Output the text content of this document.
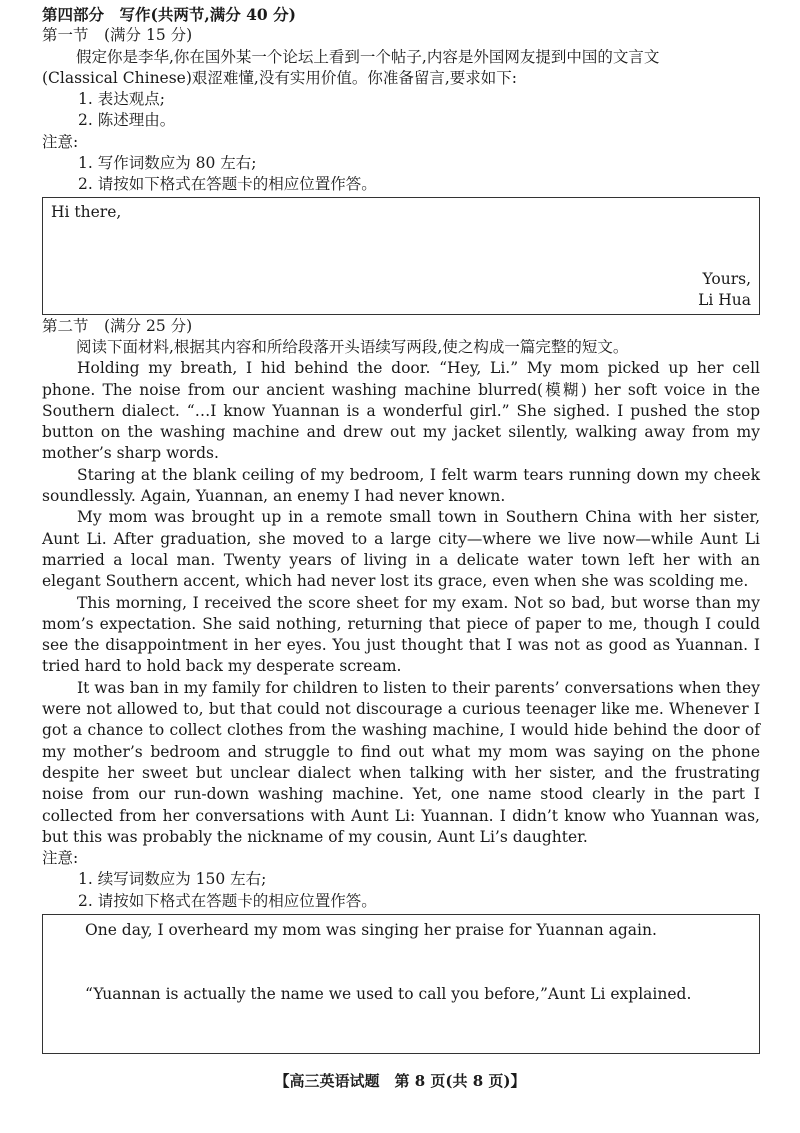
第四部分　写作(共两节,满分 40 分)
第一节　(满分 15 分)
假定你是李华,你在国外某一个论坛上看到一个帖子,内容是外国网友提到中国的文言文
(Classical Chinese)艰涩难懂,没有实用价值。你准备留言,要求如下:
1. 表达观点;
2. 陈述理由。
注意:
1. 写作词数应为 80 左右;
2. 请按如下格式在答题卡的相应位置作答。
Hi there,
Yours,
Li Hua
第二节　(满分 25 分)
阅读下面材料,根据其内容和所给段落开头语续写两段,使之构成一篇完整的短文。

Holding my breath, I hid behind the door. “Hey, Li.” My mom picked up her cell phone. The noise from our ancient washing machine blurred(模糊) her soft voice in the Southern dialect. “…I know Yuannan is a wonderful girl.” She sighed. I pushed the stop button on the washing machine and drew out my jacket silently, walking away from my mother’s sharp words.

Staring at the blank ceiling of my bedroom, I felt warm tears running down my cheek soundlessly. Again, Yuannan, an enemy I had never known.

My mom was brought up in a remote small town in Southern China with her sister, Aunt Li. After graduation, she moved to a large city—where we live now—while Aunt Li married a local man. Twenty years of living in a delicate water town left her with an elegant Southern accent, which had never lost its grace, even when she was scolding me.

This morning, I received the score sheet for my exam. Not so bad, but worse than my mom’s expectation. She said nothing, returning that piece of paper to me, though I could see the disappointment in her eyes. You just thought that I was not as good as Yuannan. I tried hard to hold back my desperate scream.

It was ban in my family for children to listen to their parents’ conversations when they were not allowed to, but that could not discourage a curious teenager like me. Whenever I got a chance to collect clothes from the washing machine, I would hide behind the door of my mother’s bedroom and struggle to find out what my mom was saying on the phone despite her sweet but unclear dialect when talking with her sister, and the frustrating noise from our run-down washing machine. Yet, one name stood clearly in the part I collected from her conversations with Aunt Li: Yuannan. I didn’t know who Yuannan was, but this was probably the nickname of my cousin, Aunt Li’s daughter.

注意:
1. 续写词数应为 150 左右;
2. 请按如下格式在答题卡的相应位置作答。
One day, I overheard my mom was singing her praise for Yuannan again.
“Yuannan is actually the name we used to call you before,”Aunt Li explained.
【高三英语试题　第 8 页(共 8 页)】
